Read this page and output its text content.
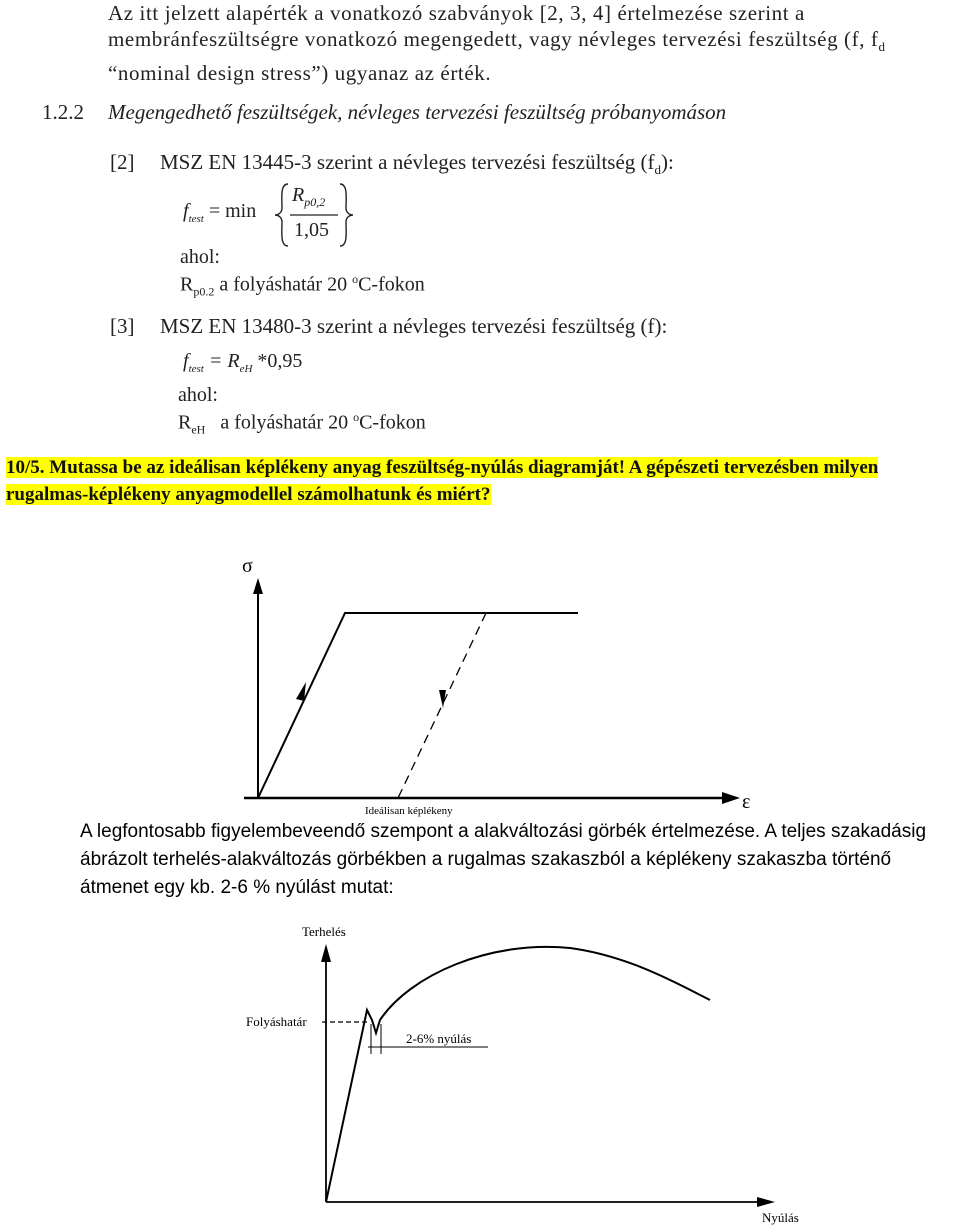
Az itt jelzett alapérték a vonatkozó szabványok [2, 3, 4] értelmezése szerint a
membránfeszültségre vonatkozó megengedett, vagy névleges tervezési feszültség (f, $f_d$
“nominal design stress”) ugyanaz az érték.
1.2.2 Megengedhető feszültségek, névleges tervezési feszültség próbanyomáson
[2] MSZ EN 13445-3 szerint a névleges tervezési feszültség $(f_d)$:
$f_{test} = \min$
$R_{p0,2}$
1,05
ahol:
$R_{p0.2}$ a folyáshatár 20 $^o$C-fokon
[3] MSZ EN 13480-3 szerint a névleges tervezési feszültség (f):
$f_{test} = R_{eH}$ *0,95
ahol:
$R_{eH}$   a folyáshatár 20 $^o$C-fokon
10/5. Mutassa be az ideálisan képlékeny anyag feszültség-nyúlás diagramját! A gépészeti tervezésben milyen rugalmas-képlékeny anyagmodellel számolhatunk és miért?
σ
ε
Ideálisan képlékeny
A legfontosabb figyelembeveendő szempont a alakváltozási görbék értelmezése. A teljes szakadásig ábrázolt terhelés-alakváltozás görbékben a rugalmas szakaszból a képlékeny szakaszba történő átmenet egy kb. 2-6 % nyúlást mutat:
Terhelés
Nyúlás
Folyáshatár
2-6% nyúlás
